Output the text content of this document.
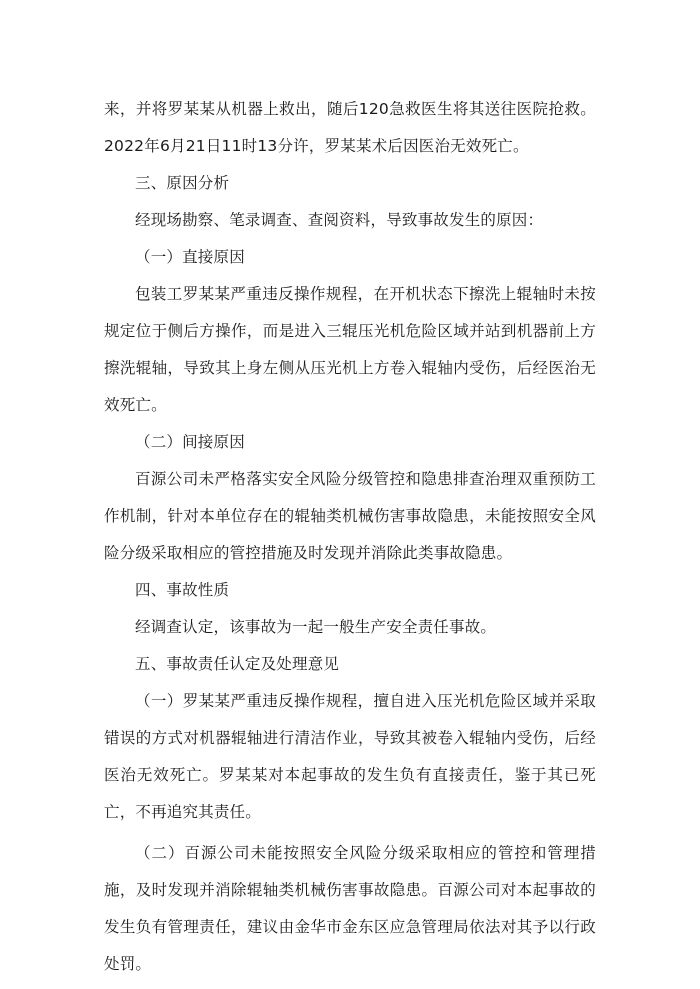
来，并将罗某某从机器上救出，随后120急救医生将其送往医院抢救。2022年6月21日11时13分许，罗某某术后因医治无效死亡。

三、原因分析

经现场勘察、笔录调查、查阅资料，导致事故发生的原因：

（一）直接原因

包装工罗某某严重违反操作规程，在开机状态下擦洗上辊轴时未按规定位于侧后方操作，而是进入三辊压光机危险区域并站到机器前上方擦洗辊轴，导致其上身左侧从压光机上方卷入辊轴内受伤，后经医治无效死亡。

（二）间接原因

百源公司未严格落实安全风险分级管控和隐患排查治理双重预防工作机制，针对本单位存在的辊轴类机械伤害事故隐患，未能按照安全风险分级采取相应的管控措施及时发现并消除此类事故隐患。

四、事故性质

经调查认定，该事故为一起一般生产安全责任事故。

五、事故责任认定及处理意见

（一）罗某某严重违反操作规程，擅自进入压光机危险区域并采取错误的方式对机器辊轴进行清洁作业，导致其被卷入辊轴内受伤，后经医治无效死亡。罗某某对本起事故的发生负有直接责任，鉴于其已死亡，不再追究其责任。

（二）百源公司未能按照安全风险分级采取相应的管控和管理措施，及时发现并消除辊轴类机械伤害事故隐患。百源公司对本起事故的发生负有管理责任，建议由金华市金东区应急管理局依法对其予以行政处罚。
